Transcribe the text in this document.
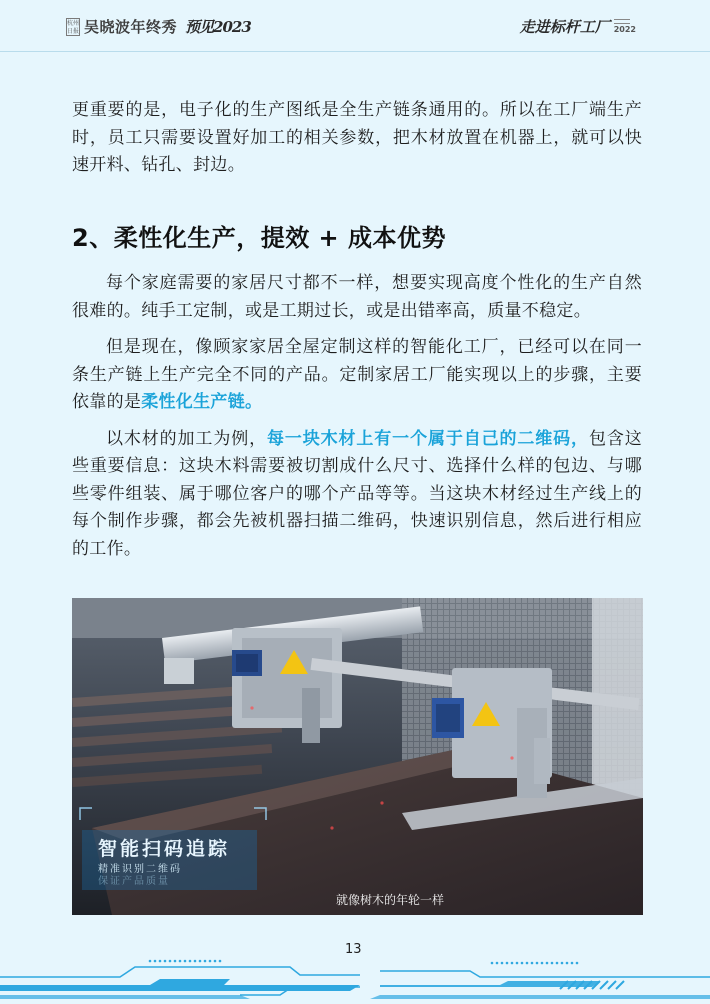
杭州日报 吴晓波年终秀 预见2023	走进标杆工厂 2022

更重要的是，电子化的生产图纸是全生产链条通用的。所以在工厂端生产时，员工只需要设置好加工的相关参数，把木材放置在机器上，就可以快速开料、钻孔、封边。

2、柔性化生产，提效 + 成本优势

每个家庭需要的家居尺寸都不一样，想要实现高度个性化的生产自然很难的。纯手工定制，或是工期过长，或是出错率高，质量不稳定。

但是现在，像顾家家居全屋定制这样的智能化工厂，已经可以在同一条生产链上生产完全不同的产品。定制家居工厂能实现以上的步骤，主要依靠的是柔性化生产链。

以木材的加工为例，每一块木材上有一个属于自己的二维码，包含这些重要信息：这块木料需要被切割成什么尺寸、选择什么样的包边、与哪些零件组装、属于哪位客户的哪个产品等等。当这块木材经过生产线上的每个制作步骤，都会先被机器扫描二维码，快速识别信息，然后进行相应的工作。

智能扫码追踪
精准识别二维码
保证产品质量
就像树木的年轮一样
13
